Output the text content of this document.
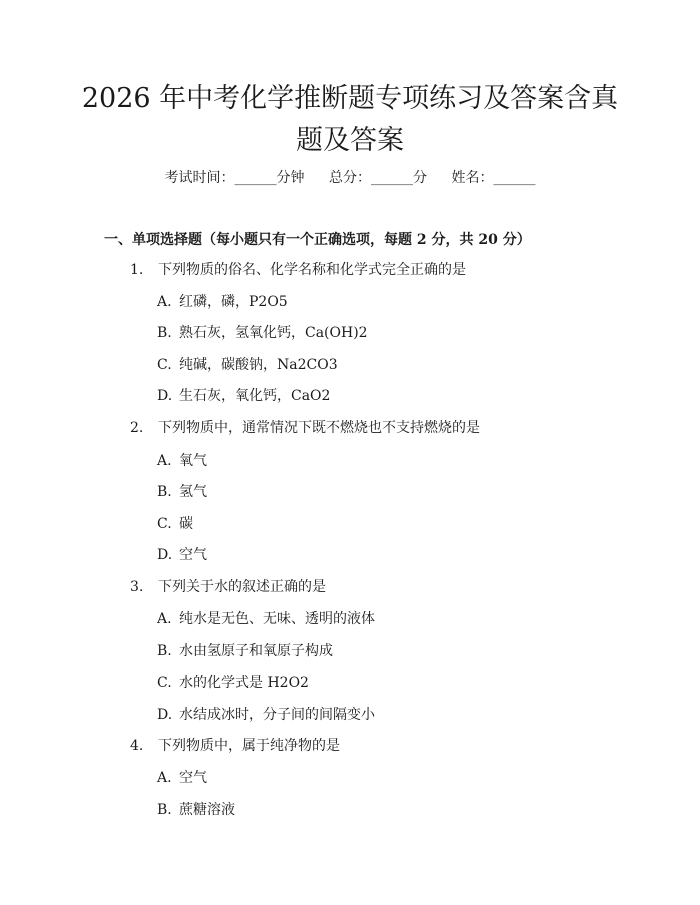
2026 年中考化学推断题专项练习及答案含真
题及答案
考试时间：______分钟 总分：______分 姓名：______
一、单项选择题（每小题只有一个正确选项，每题 2 分，共 20 分）
1. 下列物质的俗名、化学名称和化学式完全正确的是
A. 红磷，磷，P2O5
B. 熟石灰，氢氧化钙，Ca(OH)2
C. 纯碱，碳酸钠，Na2CO3
D. 生石灰，氧化钙，CaO2
2. 下列物质中，通常情况下既不燃烧也不支持燃烧的是
A. 氧气
B. 氢气
C. 碳
D. 空气
3. 下列关于水的叙述正确的是
A. 纯水是无色、无味、透明的液体
B. 水由氢原子和氧原子构成
C. 水的化学式是 H2O2
D. 水结成冰时，分子间的间隔变小
4. 下列物质中，属于纯净物的是
A. 空气
B. 蔗糖溶液
